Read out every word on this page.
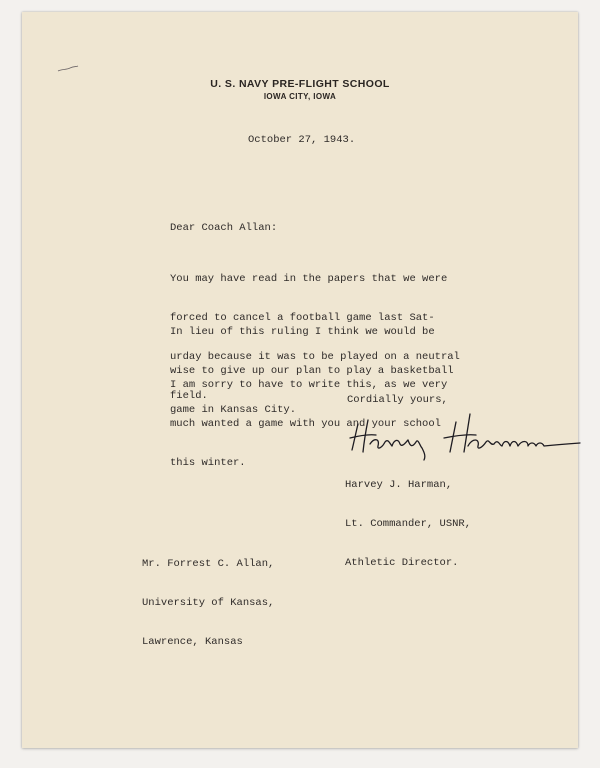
U. S. NAVY PRE-FLIGHT SCHOOL
IOWA CITY, IOWA
October 27, 1943.
Dear Coach Allan:

You may have read in the papers that we were

forced to cancel a football game last Sat-

urday because it was to be played on a neutral

field.

In lieu of this ruling I think we would be

wise to give up our plan to play a basketball

game in Kansas City.

I am sorry to have to write this, as we very

much wanted a game with you and your school

this winter.

Cordially yours,

Harvey J. Harman,

Lt. Commander, USNR,

Athletic Director.

Mr. Forrest C. Allan,

University of Kansas,

Lawrence, Kansas
